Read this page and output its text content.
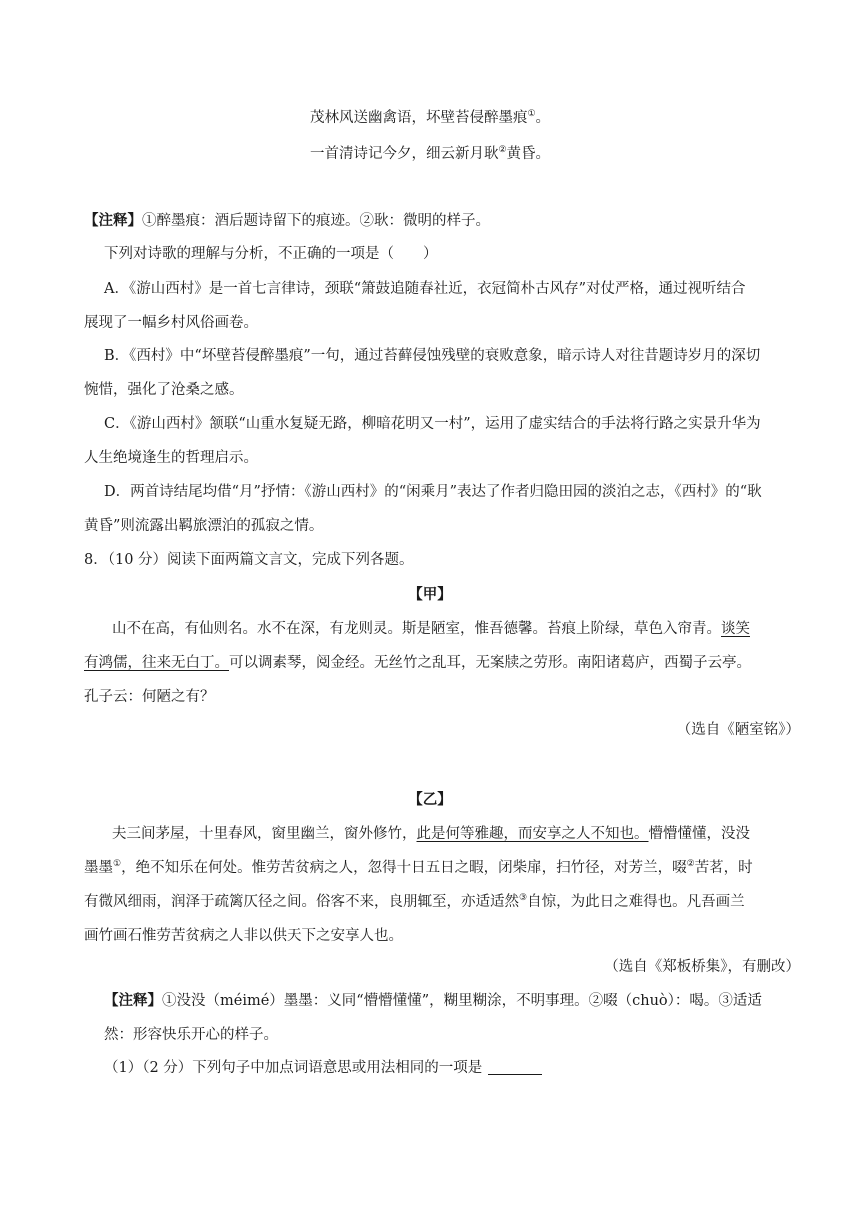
茂林风送幽禽语，坏壁苔侵醉墨痕①。
一首清诗记今夕，细云新月耿②黄昏。
【注释】①醉墨痕：酒后题诗留下的痕迹。②耿：微明的样子。
下列对诗歌的理解与分析，不正确的一项是（　　）
A．《游山西村》是一首七言律诗，颈联“箫鼓追随春社近，衣冠简朴古风存”对仗严格，通过视听结合
展现了一幅乡村风俗画卷。
B．《西村》中“坏壁苔侵醉墨痕”一句，通过苔藓侵蚀残壁的衰败意象，暗示诗人对往昔题诗岁月的深切
惋惜，强化了沧桑之感。
C．《游山西村》颔联“山重水复疑无路，柳暗花明又一村”，运用了虚实结合的手法将行路之实景升华为
人生绝境逢生的哲理启示。
D．两首诗结尾均借“月”抒情：《游山西村》的“闲乘月”表达了作者归隐田园的淡泊之志，《西村》的“耿
黄昏”则流露出羁旅漂泊的孤寂之情。
8．（10 分）阅读下面两篇文言文，完成下列各题。
【甲】
山不在高，有仙则名。水不在深，有龙则灵。斯是陋室，惟吾德馨。苔痕上阶绿，草色入帘青。谈笑
有鸿儒，往来无白丁。可以调素琴，阅金经。无丝竹之乱耳，无案牍之劳形。南阳诸葛庐，西蜀子云亭。
孔子云：何陋之有？
（选自《陋室铭》）
【乙】
夫三间茅屋，十里春风，窗里幽兰，窗外修竹，此是何等雅趣，而安享之人不知也。懵懵懂懂，没没
墨墨①，绝不知乐在何处。惟劳苦贫病之人，忽得十日五日之暇，闭柴扉，扫竹径，对芳兰，啜②苦茗，时
有微风细雨，润泽于疏篱仄径之间。俗客不来，良朋辄至，亦适适然③自惊，为此日之难得也。凡吾画兰
画竹画石惟劳苦贫病之人非以供天下之安享人也。
（选自《郑板桥集》，有删改）
【注释】①没没（méimé）墨墨：义同“懵懵懂懂”，糊里糊涂，不明事理。②啜（chuò）：喝。③适适
然：形容快乐开心的样子。
（1）（2 分）下列句子中加点词语意思或用法相同的一项是
